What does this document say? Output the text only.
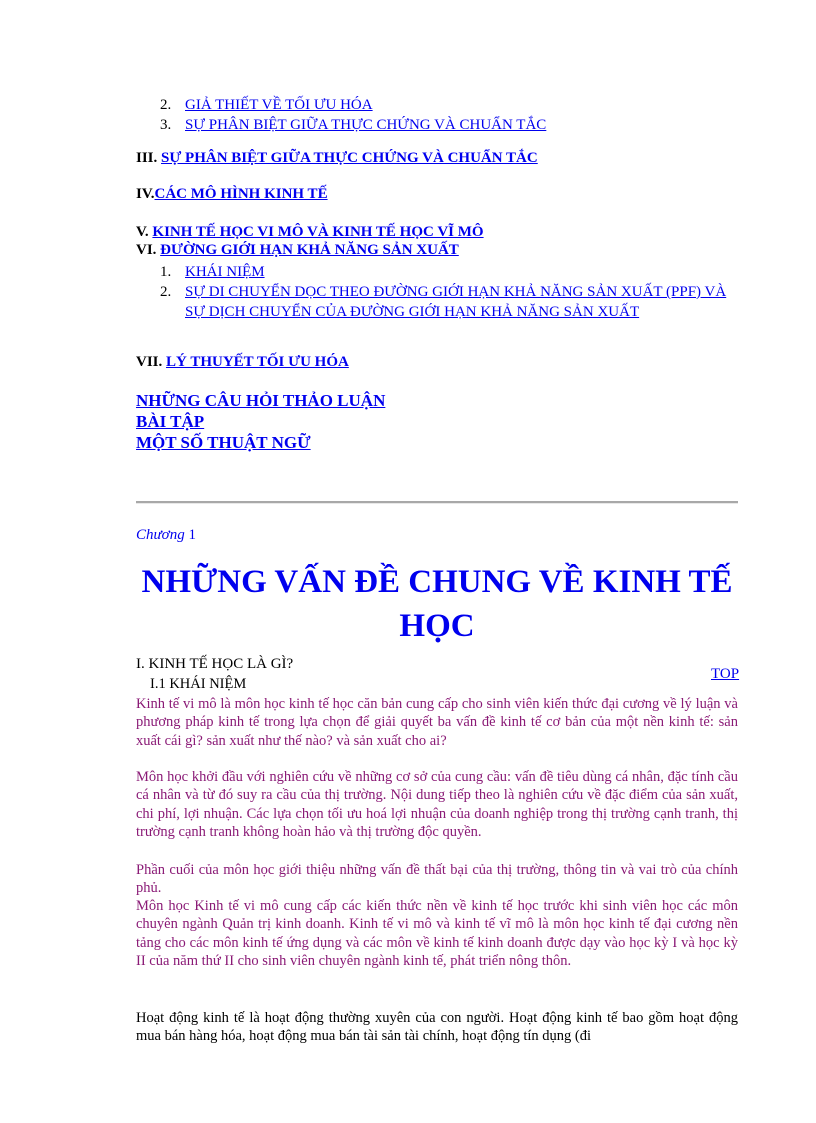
2. GIẢ THIẾT VỀ TỐI ƯU HÓA
3. SỰ PHÂN BIỆT GIỮA THỰC CHỨNG VÀ CHUẨN TẮC
III. SỰ PHÂN BIỆT GIỮA THỰC CHỨNG VÀ CHUẨN TẮC
IV.CÁC MÔ HÌNH KINH TẾ
V. KINH TẾ HỌC VI MÔ VÀ KINH TẾ HỌC VĨ MÔ
VI. ĐƯỜNG GIỚI HẠN KHẢ NĂNG SẢN XUẤT
1. KHÁI NIỆM
2. SỰ DI CHUYỂN DỌC THEO ĐƯỜNG GIỚI HẠN KHẢ NĂNG SẢN XUẤT (PPF) VÀ SỰ DỊCH CHUYỂN CỦA ĐƯỜNG GIỚI HẠN KHẢ NĂNG SẢN XUẤT
VII. LÝ THUYẾT TỐI ƯU HÓA
NHỮNG CÂU HỎI THẢO LUẬN
BÀI TẬP
MỘT SỐ THUẬT NGỮ
Chương 1
NHỮNG VẤN ĐỀ CHUNG VỀ KINH TẾ HỌC
I. KINH TẾ HỌC LÀ GÌ?
TOP
I.1 KHÁI NIỆM
Kinh tế vi mô là môn học kinh tế học căn bản cung cấp cho sinh viên kiến thức đại cương về lý luận và phương pháp kinh tế trong lựa chọn để giải quyết ba vấn đề kinh tế cơ bản của một nền kinh tế: sản xuất cái gì? sản xuất như thế nào? và sản xuất cho ai?
Môn học khởi đầu với nghiên cứu về những cơ sở của cung cầu: vấn đề tiêu dùng cá nhân, đặc tính cầu cá nhân và từ đó suy ra cầu của thị trường. Nội dung tiếp theo là nghiên cứu về đặc điểm của sản xuất, chi phí, lợi nhuận. Các lựa chọn tối ưu hoá lợi nhuận của doanh nghiệp trong thị trường cạnh tranh, thị trường cạnh tranh không hoàn hảo và thị trường độc quyền.
Phần cuối của môn học giới thiệu những vấn đề thất bại của thị trường, thông tin và vai trò của chính phủ.
Môn học Kinh tế vi mô cung cấp các kiến thức nền về kinh tế học trước khi sinh viên học các môn chuyên ngành Quản trị kinh doanh. Kinh tế vi mô và kinh tế vĩ mô là môn học kinh tế đại cương nền tảng cho các môn kinh tế ứng dụng và các môn về kinh tế kinh doanh được dạy vào học kỳ I và học kỳ II của năm thứ II cho sinh viên chuyên ngành kinh tế, phát triển nông thôn.
Hoạt động kinh tế là hoạt động thường xuyên của con người. Hoạt động kinh tế bao gồm hoạt động mua bán hàng hóa, hoạt động mua bán tài sản tài chính, hoạt động tín dụng (đi
